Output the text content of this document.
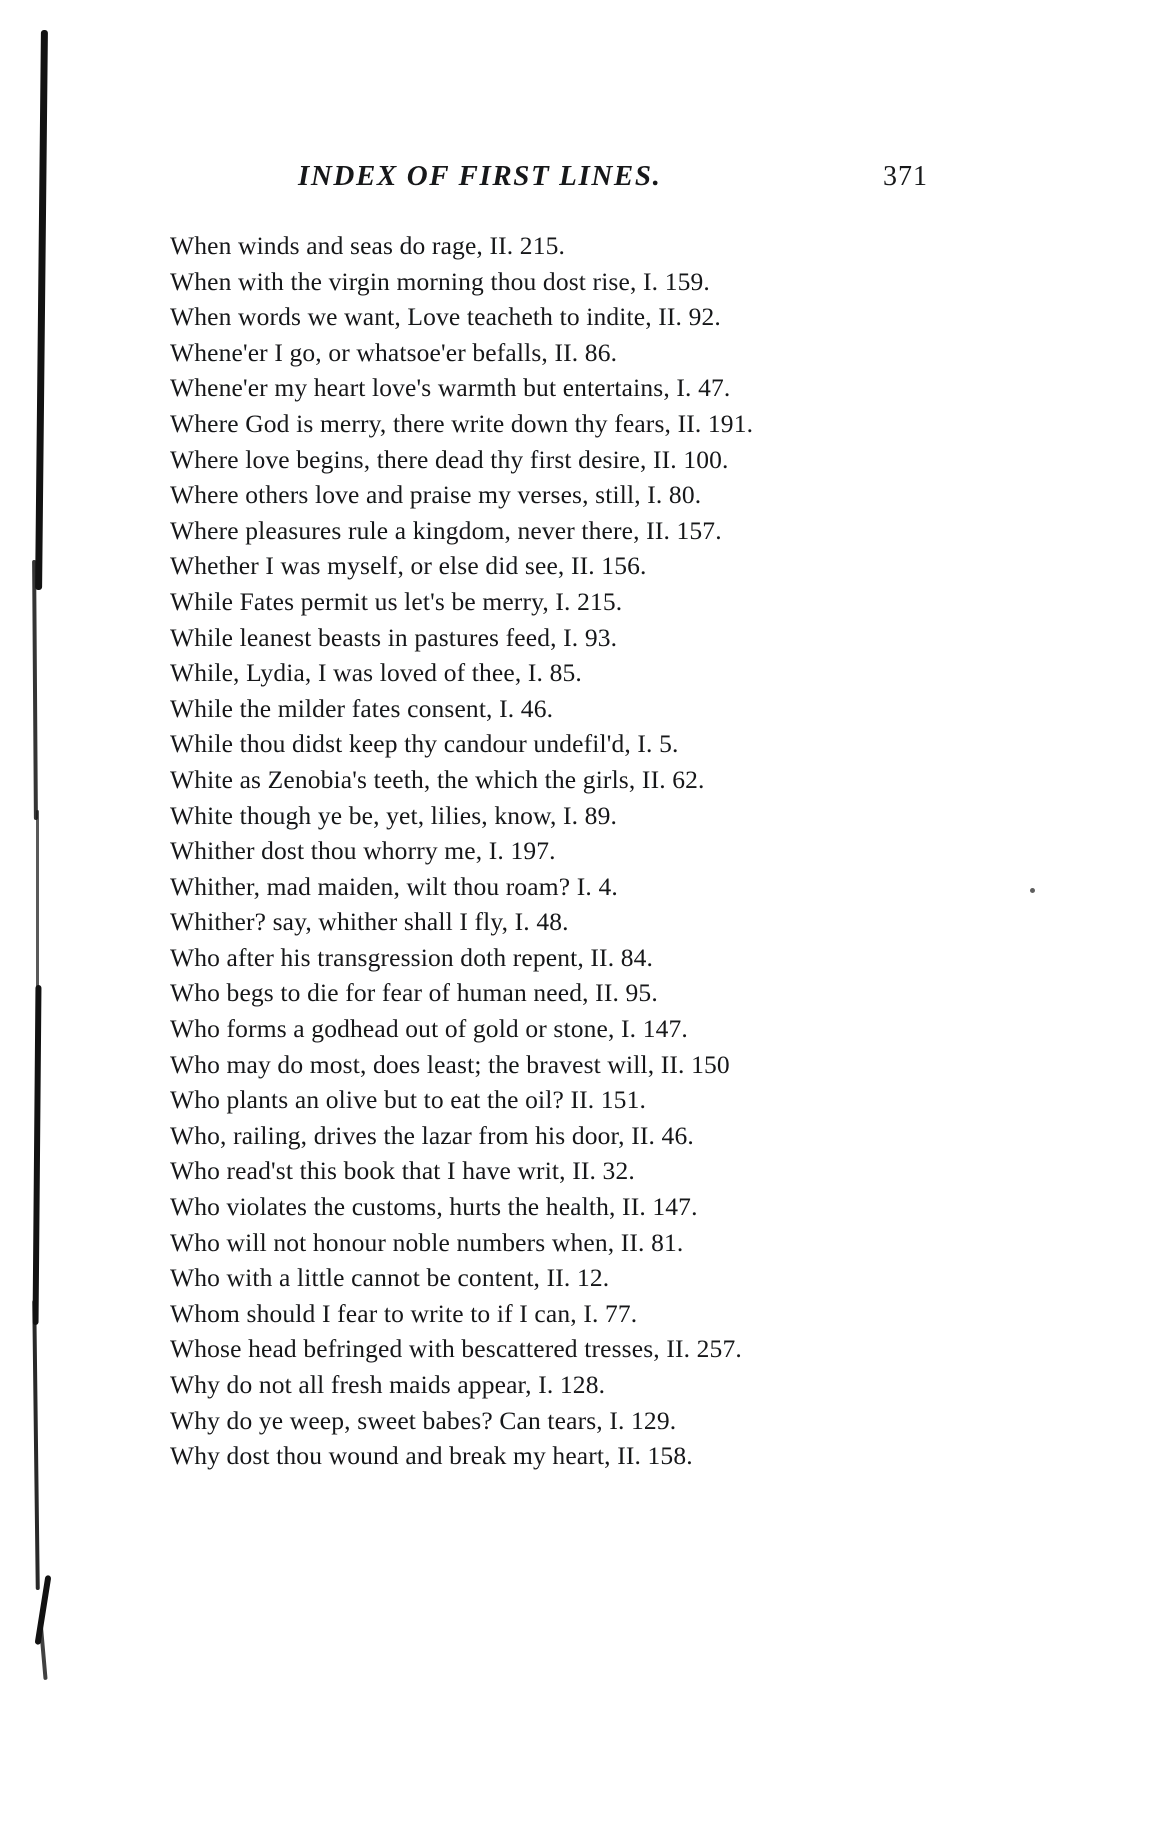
INDEX OF FIRST LINES.	371
When winds and seas do rage, II. 215.
When with the virgin morning thou dost rise, I. 159.
When words we want, Love teacheth to indite, II. 92.
Whene'er I go, or whatsoe'er befalls, II. 86.
Whene'er my heart love's warmth but entertains, I. 47.
Where God is merry, there write down thy fears, II. 191.
Where love begins, there dead thy first desire, II. 100.
Where others love and praise my verses, still, I. 80.
Where pleasures rule a kingdom, never there, II. 157.
Whether I was myself, or else did see, II. 156.
While Fates permit us let's be merry, I. 215.
While leanest beasts in pastures feed, I. 93.
While, Lydia, I was loved of thee, I. 85.
While the milder fates consent, I. 46.
While thou didst keep thy candour undefil'd, I. 5.
White as Zenobia's teeth, the which the girls, II. 62.
White though ye be, yet, lilies, know, I. 89.
Whither dost thou whorry me, I. 197.
Whither, mad maiden, wilt thou roam? I. 4.
Whither? say, whither shall I fly, I. 48.
Who after his transgression doth repent, II. 84.
Who begs to die for fear of human need, II. 95.
Who forms a godhead out of gold or stone, I. 147.
Who may do most, does least; the bravest will, II. 150
Who plants an olive but to eat the oil? II. 151.
Who, railing, drives the lazar from his door, II. 46.
Who read'st this book that I have writ, II. 32.
Who violates the customs, hurts the health, II. 147.
Who will not honour noble numbers when, II. 81.
Who with a little cannot be content, II. 12.
Whom should I fear to write to if I can, I. 77.
Whose head befringed with bescattered tresses, II. 257.
Why do not all fresh maids appear, I. 128.
Why do ye weep, sweet babes? Can tears, I. 129.
Why dost thou wound and break my heart, II. 158.
